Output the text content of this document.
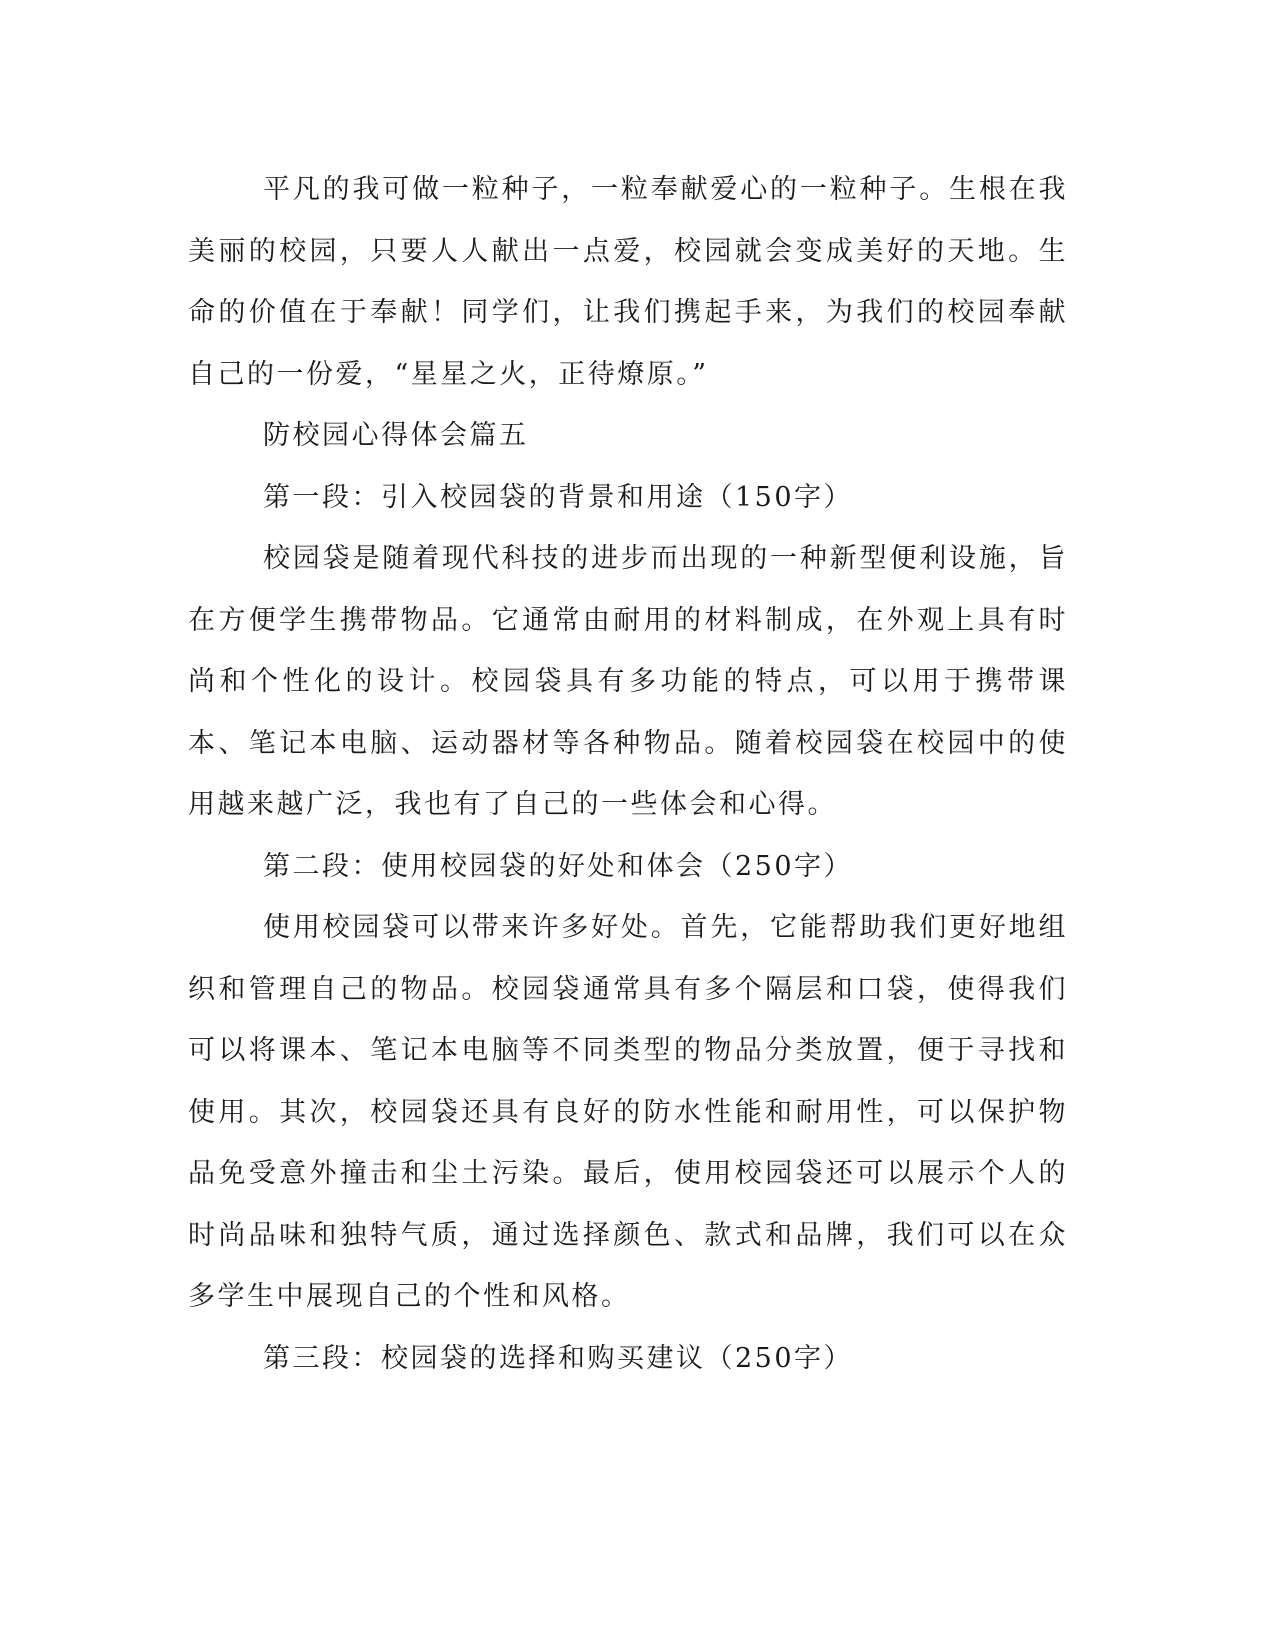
平凡的我可做一粒种子，一粒奉献爱心的一粒种子。生根在我美丽的校园，只要人人献出一点爱，校园就会变成美好的天地。生命的价值在于奉献！同学们，让我们携起手来，为我们的校园奉献自己的一份爱，“星星之火，正待燎原。”

防校园心得体会篇五

第一段：引入校园袋的背景和用途（150字）

校园袋是随着现代科技的进步而出现的一种新型便利设施，旨在方便学生携带物品。它通常由耐用的材料制成，在外观上具有时尚和个性化的设计。校园袋具有多功能的特点，可以用于携带课本、笔记本电脑、运动器材等各种物品。随着校园袋在校园中的使用越来越广泛，我也有了自己的一些体会和心得。

第二段：使用校园袋的好处和体会（250字）

使用校园袋可以带来许多好处。首先，它能帮助我们更好地组织和管理自己的物品。校园袋通常具有多个隔层和口袋，使得我们可以将课本、笔记本电脑等不同类型的物品分类放置，便于寻找和使用。其次，校园袋还具有良好的防水性能和耐用性，可以保护物品免受意外撞击和尘土污染。最后，使用校园袋还可以展示个人的时尚品味和独特气质，通过选择颜色、款式和品牌，我们可以在众多学生中展现自己的个性和风格。

第三段：校园袋的选择和购买建议（250字）
